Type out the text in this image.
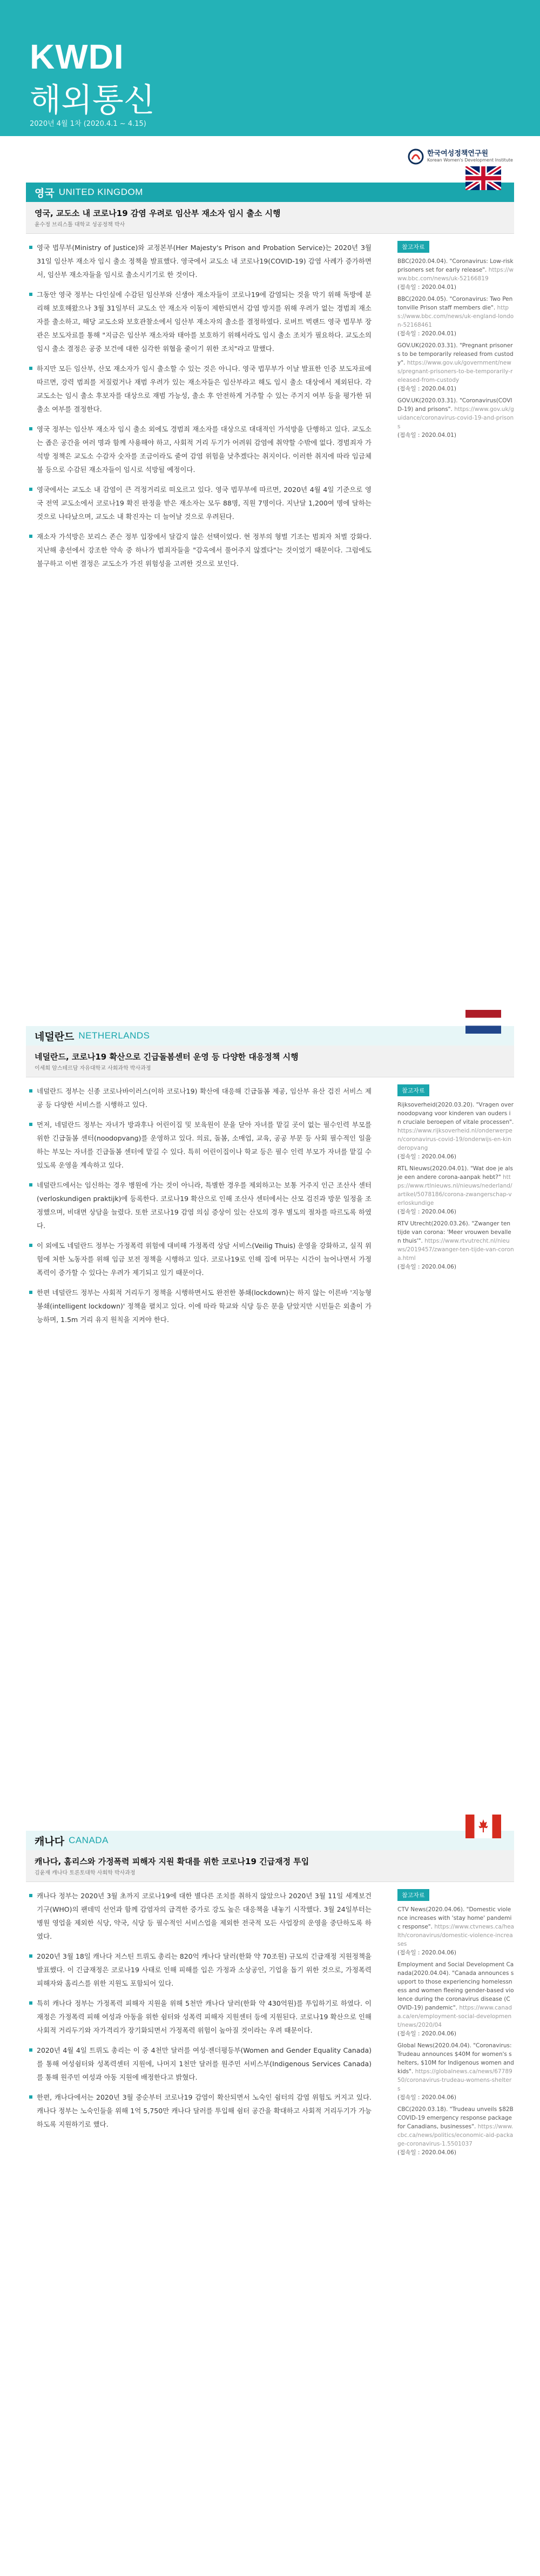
KWDI
해외통신
2020년 4월 1차 (2020.4.1 ~ 4.15)
한국여성정책연구원
Korean Women's Development Institute
영국 UNITED KINGDOM
영국, 교도소 내 코로나19 감염 우려로 임산부 재소자 임시 출소 시행
윤수정 브리스톨 대학교 성공정책 박사

영국 법무부(Ministry of Justice)와 교정본부(Her Majesty's Prison and Probation Service)는 2020년 3월 31일 임산부 재소자 임시 출소 정책을 발표했다. 영국에서 교도소 내 코로나19(COVID-19) 감염 사례가 증가하면서, 임산부 재소자들을 임시로 출소시키기로 한 것이다.

그동안 영국 정부는 다인실에 수감된 임산부와 신생아 재소자들이 코로나19에 감염되는 것을 막기 위해 독방에 분리해 보호해왔으나 3월 31일부터 교도소 안 재소자 이동이 제한되면서 감염 방지를 위해 우려가 없는 경범죄 재소자를 출소하고, 해당 교도소와 보호관찰소에서 임산부 재소자의 출소를 결정하였다. 로버트 벅랜드 영국 법무부 장관은 보도자료를 통해 "지금은 임산부 재소자와 태아를 보호하기 위해서라도 임시 출소 조치가 필요하다. 교도소의 임시 출소 결정은 공중 보건에 대한 심각한 위협을 줄이기 위한 조치"라고 말했다.

하지만 모든 임산부, 산모 재소자가 임시 출소할 수 있는 것은 아니다. 영국 법무부가 이날 발표한 인증 보도자료에 따르면, 강력 범죄를 저질렀거나 재범 우려가 있는 재소자들은 임산부라고 해도 임시 출소 대상에서 제외된다. 각 교도소는 임시 출소 후보자를 대상으로 재범 가능성, 출소 후 안전하게 거주할 수 있는 주거지 여부 등을 평가한 뒤 출소 여부를 결정한다.

영국 정부는 임산부 재소자 임시 출소 외에도 경범죄 재소자를 대상으로 대대적인 가석방을 단행하고 있다. 교도소는 좁은 공간을 여러 명과 함께 사용해야 하고, 사회적 거리 두기가 어려워 감염에 취약할 수밖에 없다. 경범죄자 가석방 정책은 교도소 수감자 숫자를 조금이라도 줄여 감염 위험을 낮추겠다는 취지이다. 이러한 취지에 따라 임금체불 등으로 수감된 재소자들이 임시로 석방될 예정이다.

영국에서는 교도소 내 감염이 큰 걱정거리로 떠오르고 있다. 영국 법무부에 따르면, 2020년 4월 4일 기준으로 영국 전역 교도소에서 코로나19 확진 판정을 받은 재소자는 모두 88명, 직원 7명이다. 지난달 1,200여 명에 달하는 것으로 나타났으며, 교도소 내 확진자는 더 늘어날 것으로 우려된다.

재소자 가석방은 보리스 존슨 정부 입장에서 달갑지 않은 선택이었다. 현 정부의 형벌 기조는 범죄자 처벌 강화다. 지난해 총선에서 강조한 약속 중 하나가 범죄자들을 "감옥에서 풀어주지 않겠다"는 것이었기 때문이다. 그럼에도 불구하고 이번 결정은 교도소가 가진 위험성을 고려한 것으로 보인다.

참고자료
BBC(2020.04.04). "Coronavirus: Low-risk prisoners set for early release". https://www.bbc.com/news/uk-52166819
(접속일 : 2020.04.01)
BBC(2020.04.05). "Coronavirus: Two Pentonville Prison staff members die". https://www.bbc.com/news/uk-england-london-52168461
(접속일 : 2020.04.01)
GOV.UK(2020.03.31). "Pregnant prisoners to be temporarily released from custody". https://www.gov.uk/government/news/pregnant-prisoners-to-be-temporarily-released-from-custody
(접속일 : 2020.04.01)
GOV.UK(2020.03.31). "Coronavirus(COVID-19) and prisons". https://www.gov.uk/guidance/coronavirus-covid-19-and-prisons
(접속일 : 2020.04.01)
네덜란드 NETHERLANDS
네덜란드, 코로나19 확산으로 긴급돌봄센터 운영 등 다양한 대응정책 시행
이세희 암스테르담 자유대학교 사회과학 박사과정

네덜란드 정부는 신종 코로나바이러스(이하 코로나19) 확산에 대응해 긴급돌봄 제공, 임산부 유산 검진 서비스 제공 등 다양한 서비스를 시행하고 있다.

먼저, 네덜란드 정부는 자녀가 방과후나 어린이집 및 보육원이 문을 닫아 자녀를 맡길 곳이 없는 필수인력 부모를 위한 긴급돌봄 센터(noodopvang)를 운영하고 있다. 의료, 돌봄, 소매업, 교육, 공공 부문 등 사회 필수적인 일을 하는 부모는 자녀를 긴급돌봄 센터에 맡길 수 있다. 특히 어린이집이나 학교 등은 필수 인력 부모가 자녀를 맡길 수 있도록 운영을 계속하고 있다.

네덜란드에서는 임신하는 경우 병원에 가는 것이 아니라, 특별한 경우를 제외하고는 보통 거주지 인근 조산사 센터(verloskundigen praktijk)에 등록한다. 코로나19 확산으로 인해 조산사 센터에서는 산모 검진과 방문 일정을 조정했으며, 비대면 상담을 늘렸다. 또한 코로나19 감염 의심 증상이 있는 산모의 경우 별도의 절차를 따르도록 하였다.

이 외에도 네덜란드 정부는 가정폭력 위험에 대비해 가정폭력 상담 서비스(Veilig Thuis) 운영을 강화하고, 실직 위험에 처한 노동자를 위해 임금 보전 정책을 시행하고 있다. 코로나19로 인해 집에 머무는 시간이 늘어나면서 가정폭력이 증가할 수 있다는 우려가 제기되고 있기 때문이다.

한편 네덜란드 정부는 사회적 거리두기 정책을 시행하면서도 완전한 봉쇄(lockdown)는 하지 않는 이른바 '지능형 봉쇄(intelligent lockdown)' 정책을 펼치고 있다. 이에 따라 학교와 식당 등은 문을 닫았지만 시민들은 외출이 가능하며, 1.5m 거리 유지 원칙을 지켜야 한다.

참고자료
Rijksoverheid(2020.03.20). "Vragen over noodopvang voor kinderen van ouders in cruciale beroepen of vitale processen". https://www.rijksoverheid.nl/onderwerpen/coronavirus-covid-19/onderwijs-en-kinderopvang
(접속일 : 2020.04.06)
RTL Nieuws(2020.04.01). "Wat doe je als je een andere corona-aanpak hebt?" https://www.rtlnieuws.nl/nieuws/nederland/artikel/5078186/corona-zwangerschap-verloskundige
(접속일 : 2020.04.06)
RTV Utrecht(2020.03.26). "Zwanger ten tijde van corona: 'Meer vrouwen bevallen thuis'". https://www.rtvutrecht.nl/nieuws/2019457/zwanger-ten-tijde-van-corona.html
(접속일 : 2020.04.06)
캐나다 CANADA
캐나다, 홈리스와 가정폭력 피해자 지원 확대를 위한 코로나19 긴급재정 투입
김윤재 캐나다 토론토대학 사회학 박사과정

캐나다 정부는 2020년 3월 초까지 코로나19에 대한 별다른 조치를 취하지 않았으나 2020년 3월 11일 세계보건기구(WHO)의 팬데믹 선언과 함께 감염자의 급격한 증가로 강도 높은 대응책을 내놓기 시작했다. 3월 24일부터는 병원 영업을 제외한 식당, 약국, 식당 등 필수적인 서비스업을 제외한 전국적 모든 사업장의 운영을 중단하도록 하였다.

2020년 3월 18일 캐나다 저스틴 트뤼도 총리는 820억 캐나다 달러(한화 약 70조원) 규모의 긴급재정 지원정책을 발표했다. 이 긴급재정은 코로나19 사태로 인해 피해를 입은 가정과 소상공인, 기업을 돕기 위한 것으로, 가정폭력 피해자와 홈리스를 위한 지원도 포함되어 있다.

특히 캐나다 정부는 가정폭력 피해자 지원을 위해 5천만 캐나다 달러(한화 약 430억원)를 투입하기로 하였다. 이 재정은 가정폭력 피해 여성과 아동을 위한 쉼터와 성폭력 피해자 지원센터 등에 지원된다. 코로나19 확산으로 인해 사회적 거리두기와 자가격리가 장기화되면서 가정폭력 위험이 높아질 것이라는 우려 때문이다.

2020년 4월 4일 트뤼도 총리는 이 중 4천만 달러를 여성·젠더평등부(Women and Gender Equality Canada)를 통해 여성쉼터와 성폭력센터 지원에, 나머지 1천만 달러를 원주민 서비스부(Indigenous Services Canada)를 통해 원주민 여성과 아동 지원에 배정한다고 밝혔다.

한편, 캐나다에서는 2020년 3월 중순부터 코로나19 감염이 확산되면서 노숙인 쉼터의 감염 위험도 커지고 있다. 캐나다 정부는 노숙인들을 위해 1억 5,750만 캐나다 달러를 투입해 쉼터 공간을 확대하고 사회적 거리두기가 가능하도록 지원하기로 했다.

참고자료
CTV News(2020.04.06). "Domestic violence increases with 'stay home' pandemic response". https://www.ctvnews.ca/health/coronavirus/domestic-violence-increases
(접속일 : 2020.04.06)
Employment and Social Development Canada(2020.04.04). "Canada announces support to those experiencing homelessness and women fleeing gender-based violence during the coronavirus disease (COVID-19) pandemic". https://www.canada.ca/en/employment-social-development/news/2020/04
(접속일 : 2020.04.06)
Global News(2020.04.04). "Coronavirus: Trudeau announces $40M for women's shelters, $10M for Indigenous women and kids". https://globalnews.ca/news/6778950/coronavirus-trudeau-womens-shelters
(접속일 : 2020.04.06)
CBC(2020.03.18). "Trudeau unveils $82B COVID-19 emergency response package for Canadians, businesses". https://www.cbc.ca/news/politics/economic-aid-package-coronavirus-1.5501037
(접속일 : 2020.04.06)
